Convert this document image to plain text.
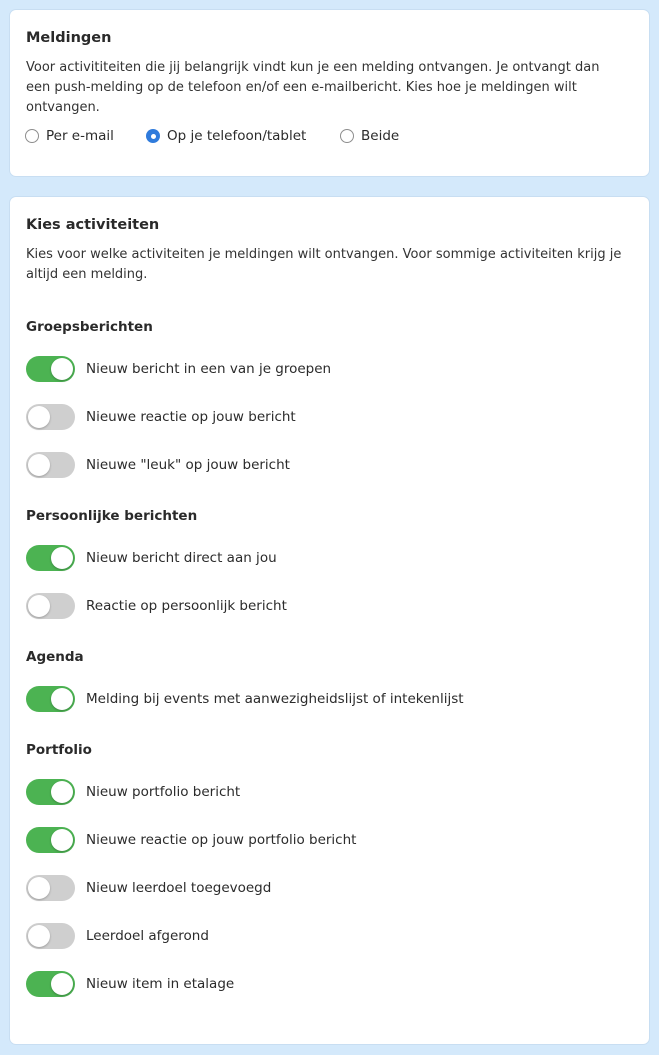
Meldingen
Voor activititeiten die jij belangrijk vindt kun je een melding ontvangen. Je ontvangt dan een push-melding op de telefoon en/of een e-mailbericht. Kies hoe je meldingen wilt ontvangen.
Per e-mail	Op je telefoon/tablet	Beide
Kies activiteiten
Kies voor welke activiteiten je meldingen wilt ontvangen. Voor sommige activiteiten krijg je altijd een melding.
Groepsberichten
Nieuw bericht in een van je groepen
Nieuwe reactie op jouw bericht
Nieuwe "leuk" op jouw bericht
Persoonlijke berichten
Nieuw bericht direct aan jou
Reactie op persoonlijk bericht
Agenda
Melding bij events met aanwezigheidslijst of intekenlijst
Portfolio
Nieuw portfolio bericht
Nieuwe reactie op jouw portfolio bericht
Nieuw leerdoel toegevoegd
Leerdoel afgerond
Nieuw item in etalage
